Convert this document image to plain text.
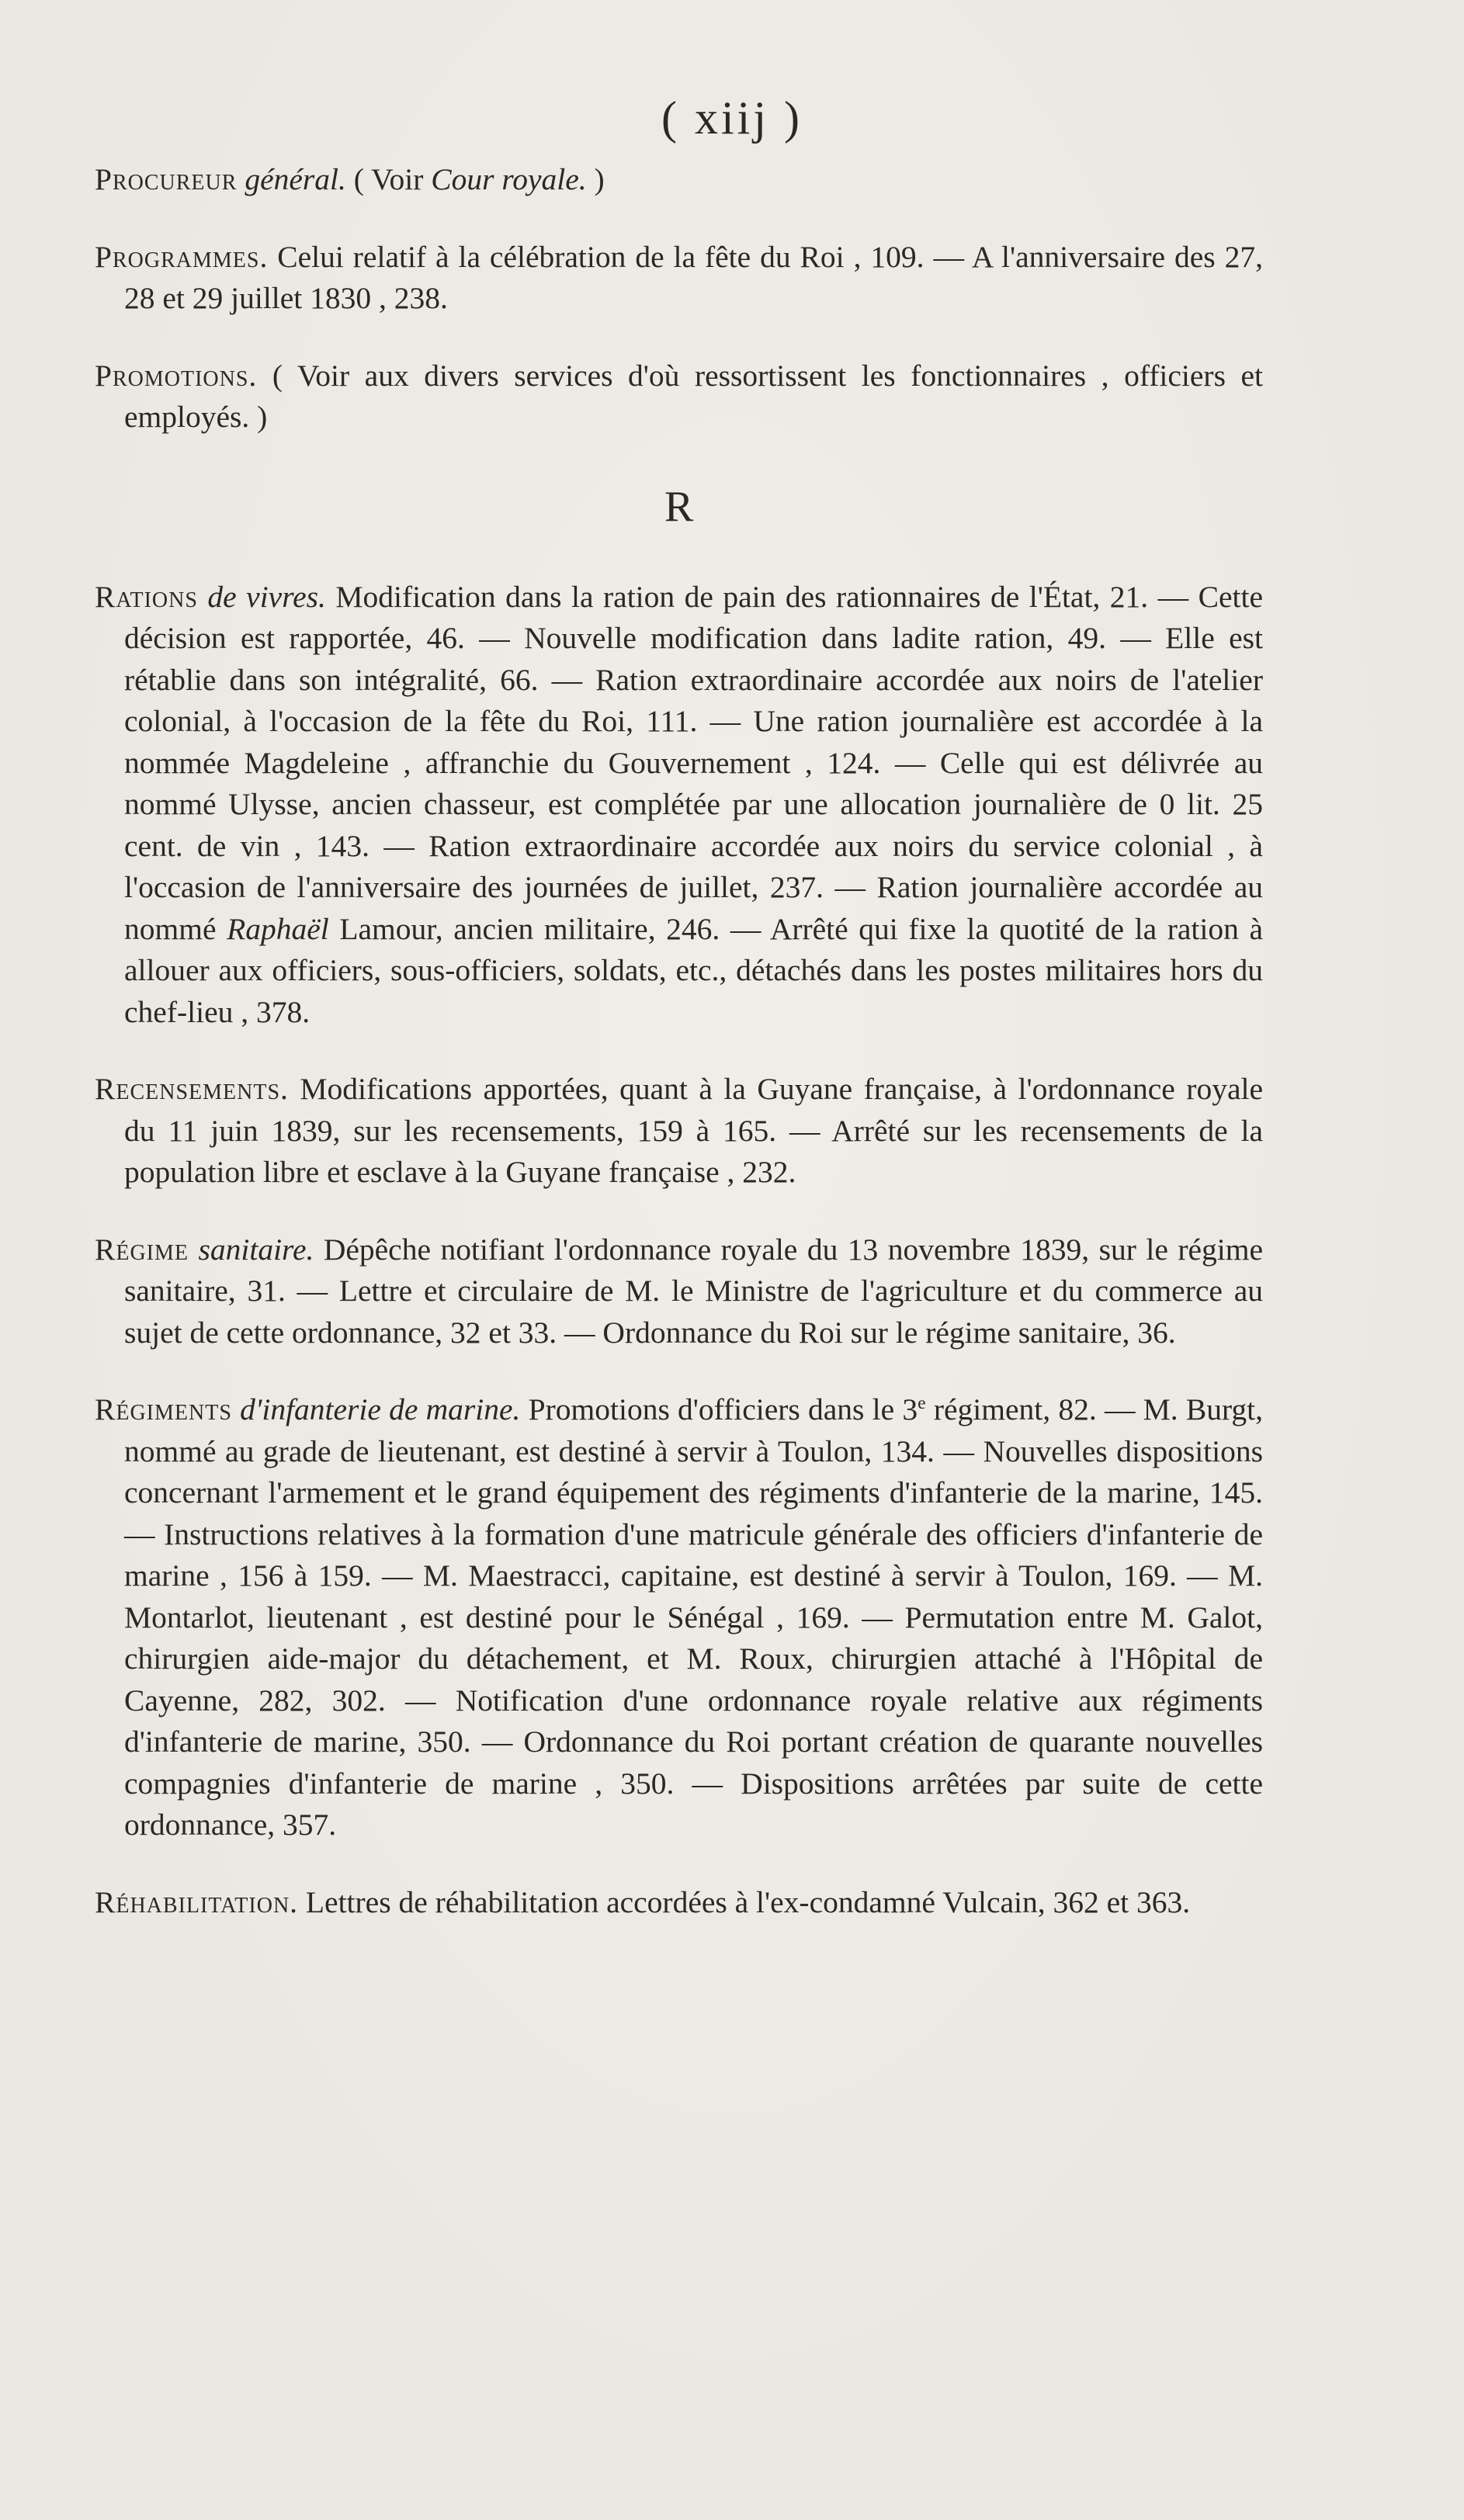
( xiij )

Procureur général. ( Voir Cour royale. )

Programmes. Celui relatif à la célébration de la fête du Roi , 109. — A l'anniversaire des 27, 28 et 29 juillet 1830 , 238.

Promotions. ( Voir aux divers services d'où ressortissent les fonctionnaires , officiers et employés. )

R

Rations de vivres. Modification dans la ration de pain des rationnaires de l'État, 21. — Cette décision est rapportée, 46. — Nouvelle modification dans ladite ration, 49. — Elle est rétablie dans son intégralité, 66. — Ration extraordinaire accordée aux noirs de l'atelier colonial, à l'occasion de la fête du Roi, 111. — Une ration journalière est accordée à la nommée Magdeleine , affranchie du Gouvernement , 124. — Celle qui est délivrée au nommé Ulysse, ancien chasseur, est complétée par une allocation journalière de 0 lit. 25 cent. de vin , 143. — Ration extraordinaire accordée aux noirs du service colonial , à l'occasion de l'anniversaire des journées de juillet, 237. — Ration journalière accordée au nommé Raphaël Lamour, ancien militaire, 246. — Arrêté qui fixe la quotité de la ration à allouer aux officiers, sous-officiers, soldats, etc., détachés dans les postes militaires hors du chef-lieu , 378.

Recensements. Modifications apportées, quant à la Guyane française, à l'ordonnance royale du 11 juin 1839, sur les recensements, 159 à 165. — Arrêté sur les recensements de la population libre et esclave à la Guyane française , 232.

Régime sanitaire. Dépêche notifiant l'ordonnance royale du 13 novembre 1839, sur le régime sanitaire, 31. — Lettre et circulaire de M. le Ministre de l'agriculture et du commerce au sujet de cette ordonnance, 32 et 33. — Ordonnance du Roi sur le régime sanitaire, 36.

Régiments d'infanterie de marine. Promotions d'officiers dans le 3e régiment, 82. — M. Burgt, nommé au grade de lieutenant, est destiné à servir à Toulon, 134. — Nouvelles dispositions concernant l'armement et le grand équipement des régiments d'infanterie de la marine, 145. — Instructions relatives à la formation d'une matricule générale des officiers d'infanterie de marine , 156 à 159. — M. Maestracci, capitaine, est destiné à servir à Toulon, 169. — M. Montarlot, lieutenant , est destiné pour le Sénégal , 169. — Permutation entre M. Galot, chirurgien aide-major du détachement, et M. Roux, chirurgien attaché à l'Hôpital de Cayenne, 282, 302. — Notification d'une ordonnance royale relative aux régiments d'infanterie de marine, 350. — Ordonnance du Roi portant création de quarante nouvelles compagnies d'infanterie de marine , 350. — Dispositions arrêtées par suite de cette ordonnance, 357.

Réhabilitation. Lettres de réhabilitation accordées à l'ex-condamné Vulcain, 362 et 363.
